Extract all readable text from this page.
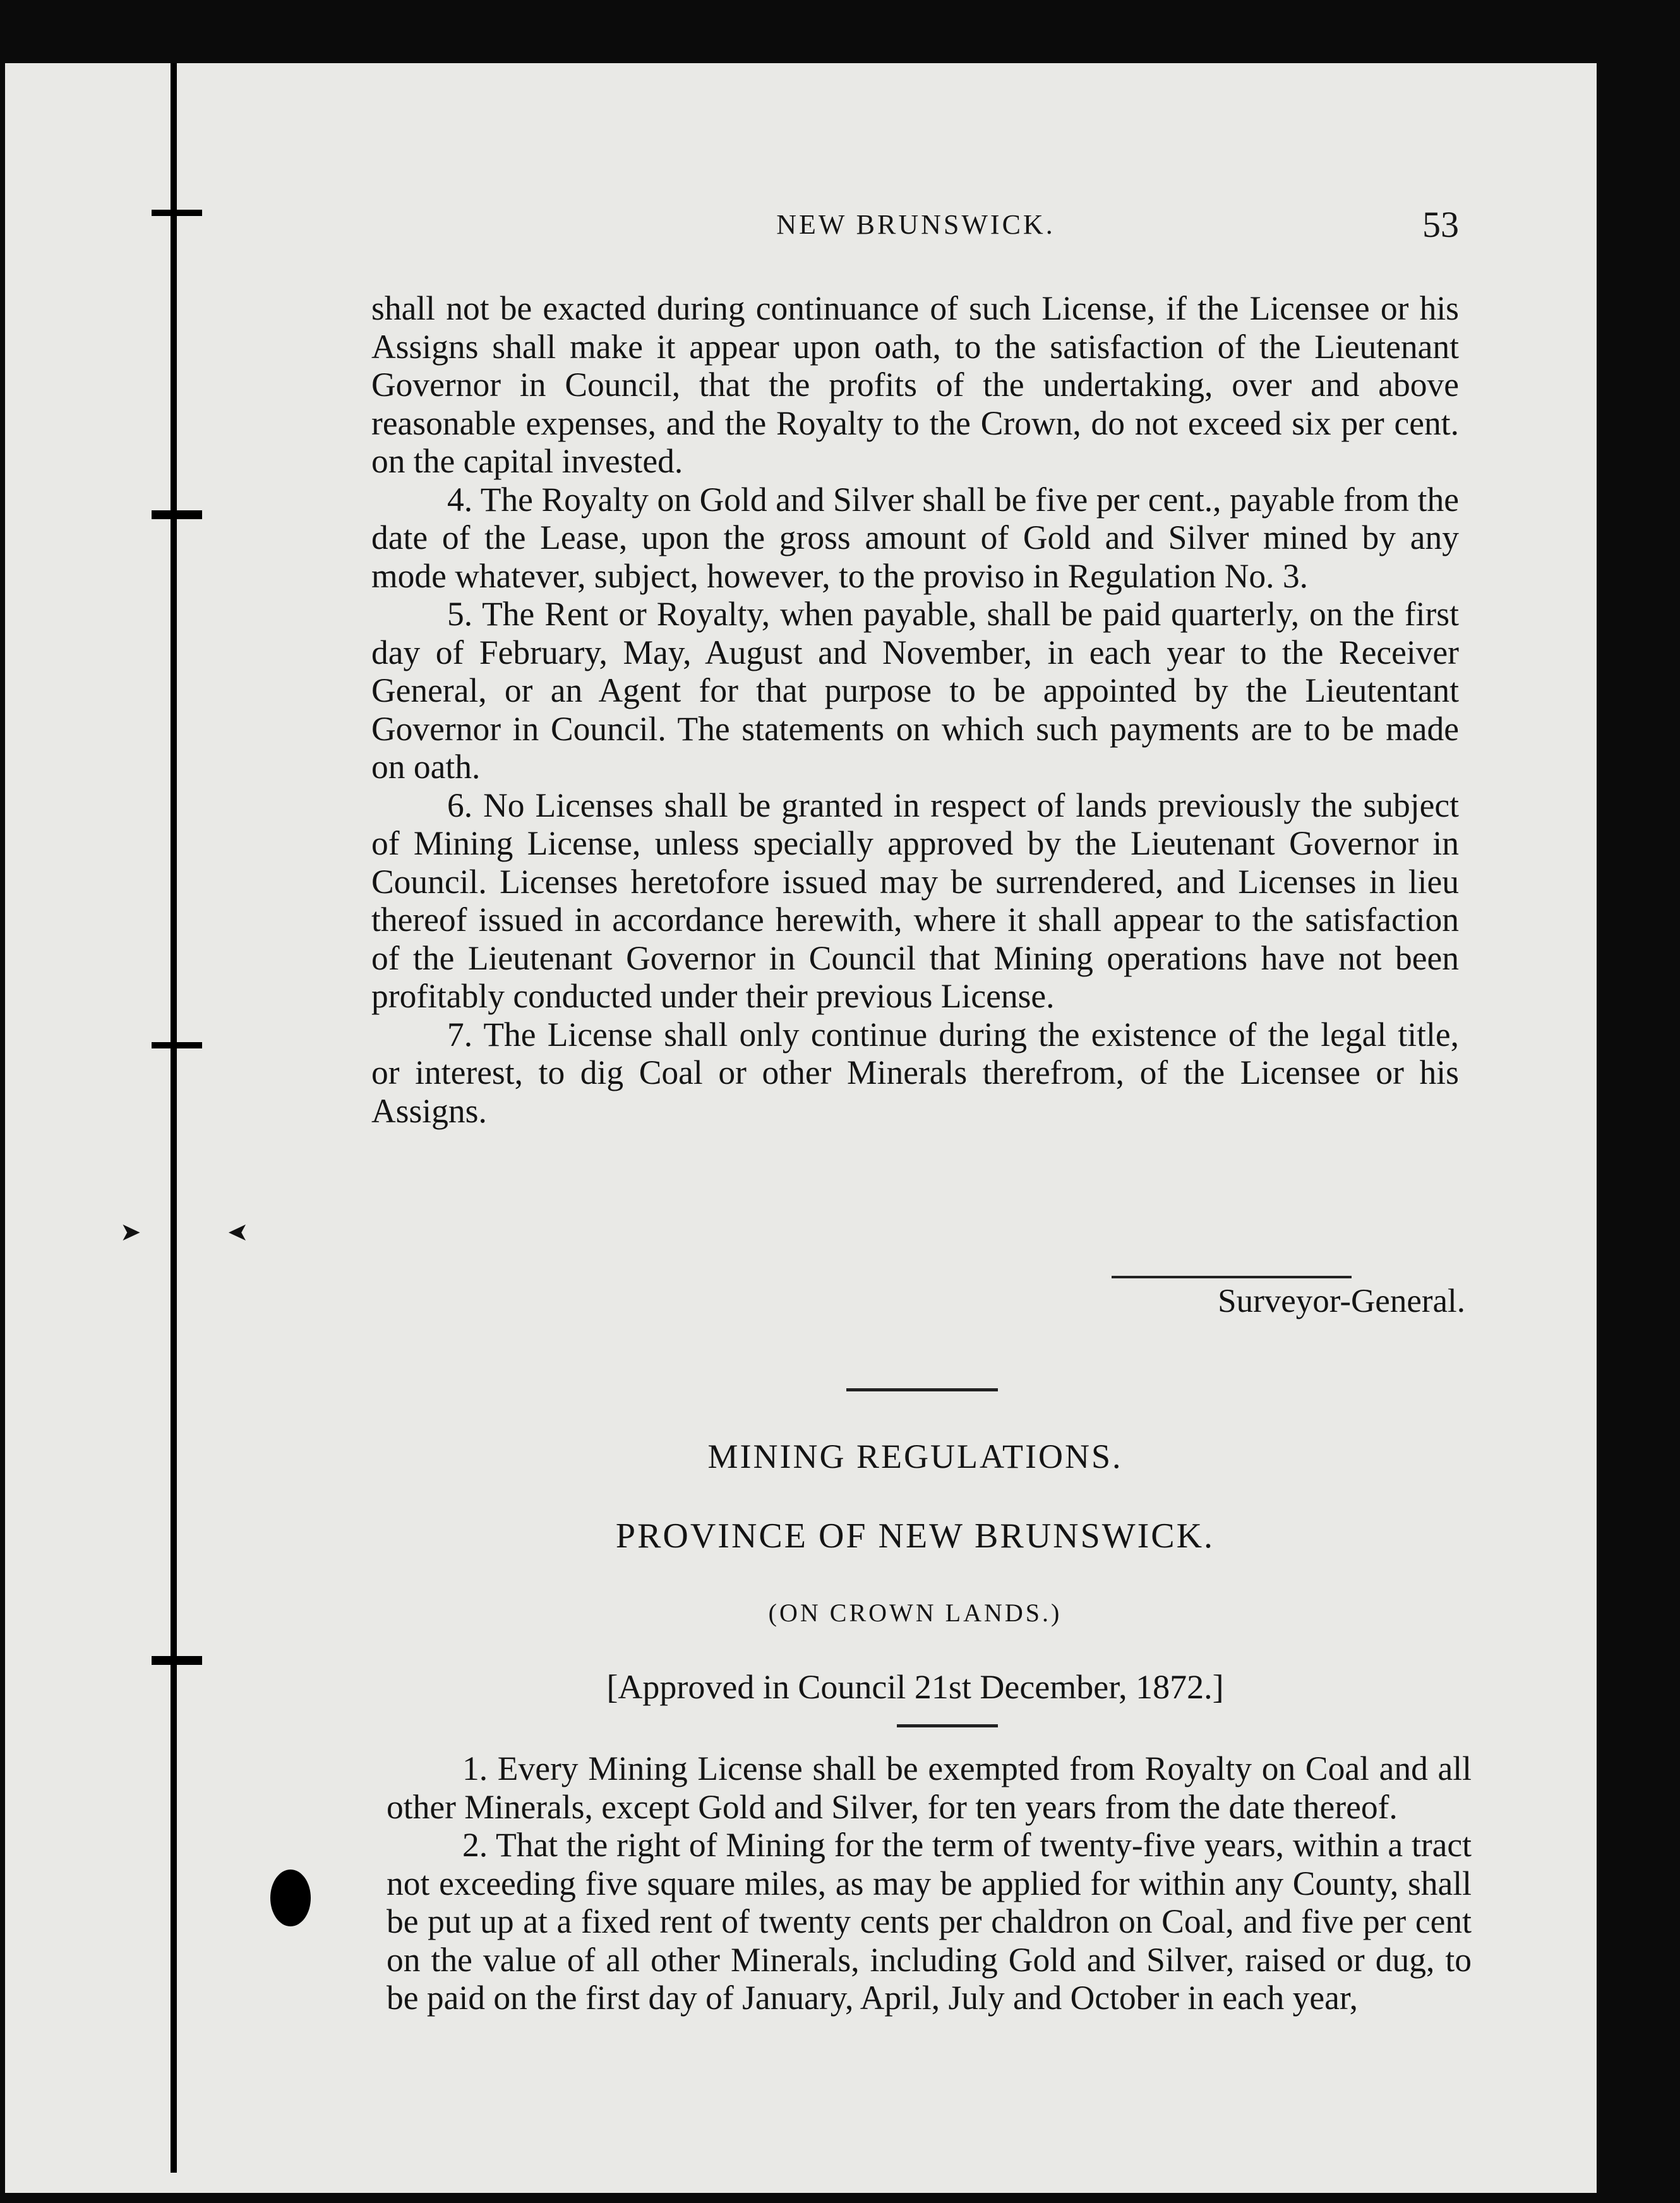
➤	➤
NEW BRUNSWICK.	53

shall not be exacted during continuance of such License, if the Licensee or his Assigns shall make it appear upon oath, to the satisfaction of the Lieutenant Governor in Council, that the profits of the undertaking, over and above reasonable expenses, and the Royalty to the Crown, do not exceed six per cent. on the capital invested.

4. The Royalty on Gold and Silver shall be five per cent., payable from the date of the Lease, upon the gross amount of Gold and Silver mined by any mode whatever, subject, however, to the proviso in Regulation No. 3.

5. The Rent or Royalty, when payable, shall be paid quarterly, on the first day of February, May, August and November, in each year to the Receiver General, or an Agent for that purpose to be appointed by the Lieutentant Governor in Council. The statements on which such payments are to be made on oath.

6. No Licenses shall be granted in respect of lands previously the subject of Mining License, unless specially approved by the Lieutenant Governor in Council. Licenses heretofore issued may be surrendered, and Licenses in lieu thereof issued in accordance herewith, where it shall appear to the satisfaction of the Lieutenant Governor in Council that Mining operations have not been profitably conducted under their previous License.

7. The License shall only continue during the existence of the legal title, or interest, to dig Coal or other Minerals therefrom, of the Licensee or his Assigns.

Surveyor-General.
MINING REGULATIONS.
PROVINCE OF NEW BRUNSWICK.
(ON CROWN LANDS.)
[Approved in Council 21st December, 1872.]

1. Every Mining License shall be exempted from Royalty on Coal and all other Minerals, except Gold and Silver, for ten years from the date thereof.

2. That the right of Mining for the term of twenty-five years, within a tract not exceeding five square miles, as may be applied for within any County, shall be put up at a fixed rent of twenty cents per chaldron on Coal, and five per cent on the value of all other Minerals, including Gold and Silver, raised or dug, to be paid on the first day of January, April, July and October in each year,
